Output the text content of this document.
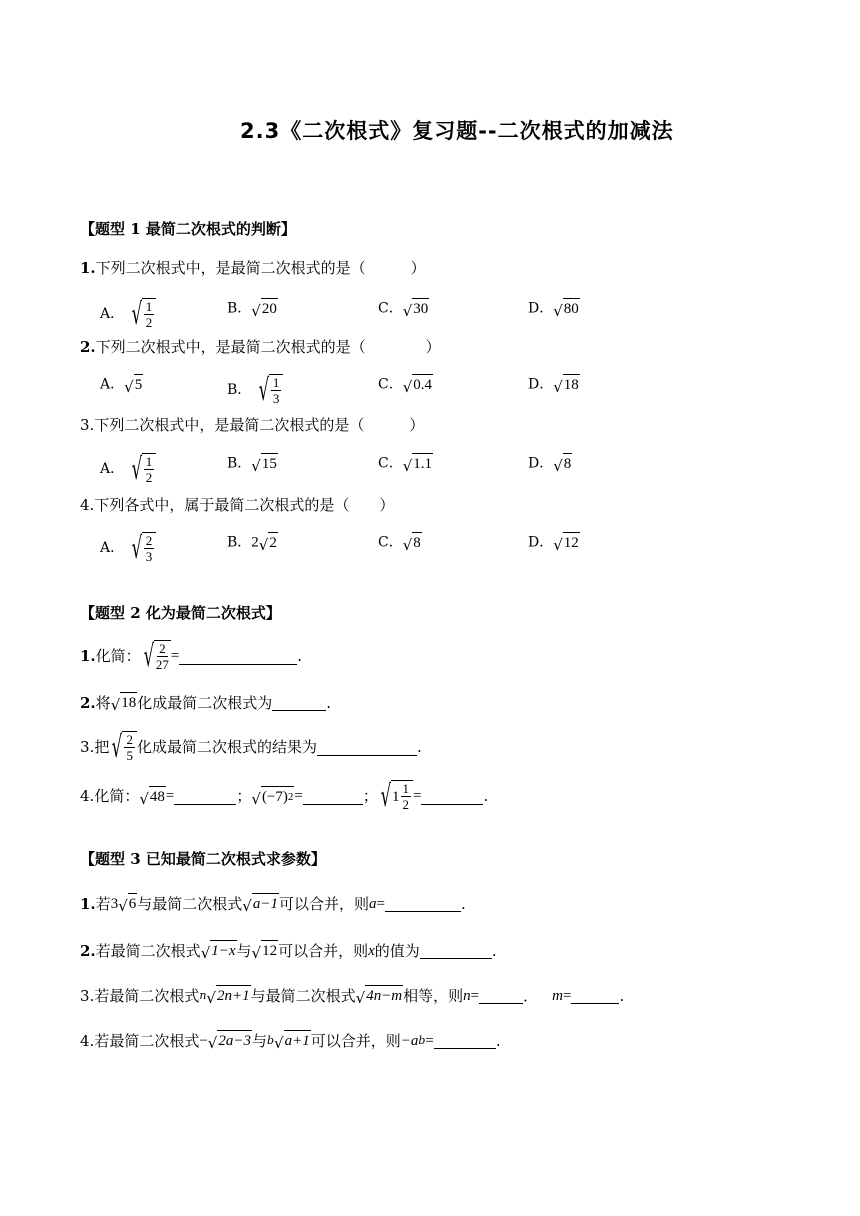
2.3《二次根式》复习题--二次根式的加减法
【题型 1 最简二次根式的判断】
1.下列二次根式中，是最简二次根式的是（　　　）
A． √ $\frac{1}{2}$	B． √ 20	C． √ 30	D． √ 80
2.下列二次根式中，是最简二次根式的是（　　　　）
A． √ 5	B． √ $\frac{1}{3}$	C． √ 0.4	D． √ 18
3.下列二次根式中，是最简二次根式的是（　　　）
A． √ $\frac{1}{2}$	B． √ 15	C． √ 1.1	D． √ 8
4.下列各式中，属于最简二次根式的是（　　）
A． √ $\frac{2}{3}$	B．2 √ 2	C． √ 8	D． √ 12
【题型 2 化为最简二次根式】
1. 化简： √ $\frac{2}{27}$ =	.
2. 将 √ 18 化成最简二次根式为	.
3. 把 √ $\frac{2}{5}$ 化成最简二次根式的结果为	.
4. 化简： √ 48 =	； √ (−7) 2 =	； √ $1 \frac{1}{2}$ =	.
【题型 3 已知最简二次根式求参数】
1. 若 3 √ 6 与最简二次根式 √ a−1 可以合并，则 a =	.
2. 若最简二次根式 √ 1−x 与 √ 12 可以合并，则 x 的值为	.
3. 若最简二次根式 n √ 2n+1 与最简二次根式 √ 4n−m 相等，则 n =	． m =	.
4. 若最简二次根式 − √ 2a−3 与 b √ a+1 可以合并，则 −a b =	.
